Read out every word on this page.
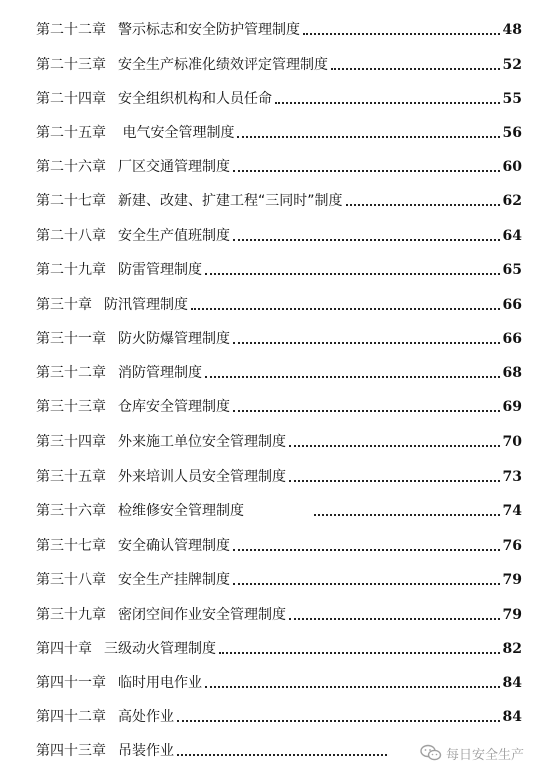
第二十二章 警示标志和安全防护管理制度	48
第二十三章 安全生产标准化绩效评定管理制度	52
第二十四章 安全组织机构和人员任命	55
第二十五章 电气安全管理制度	56
第二十六章 厂区交通管理制度	60
第二十七章 新建、改建、扩建工程“三同时”制度	62
第二十八章 安全生产值班制度	64
第二十九章 防雷管理制度	65
第三十章 防汛管理制度	66
第三十一章 防火防爆管理制度	66
第三十二章 消防管理制度	68
第三十三章 仓库安全管理制度	69
第三十四章 外来施工单位安全管理制度	70
第三十五章 外来培训人员安全管理制度	73
第三十六章 检维修安全管理制度	74
第三十七章 安全确认管理制度	76
第三十八章 安全生产挂牌制度	79
第三十九章 密闭空间作业安全管理制度	79
第四十章 三级动火管理制度	82
第四十一章 临时用电作业	84
第四十二章 高处作业	84
第四十三章 吊装作业	每日安全生产
